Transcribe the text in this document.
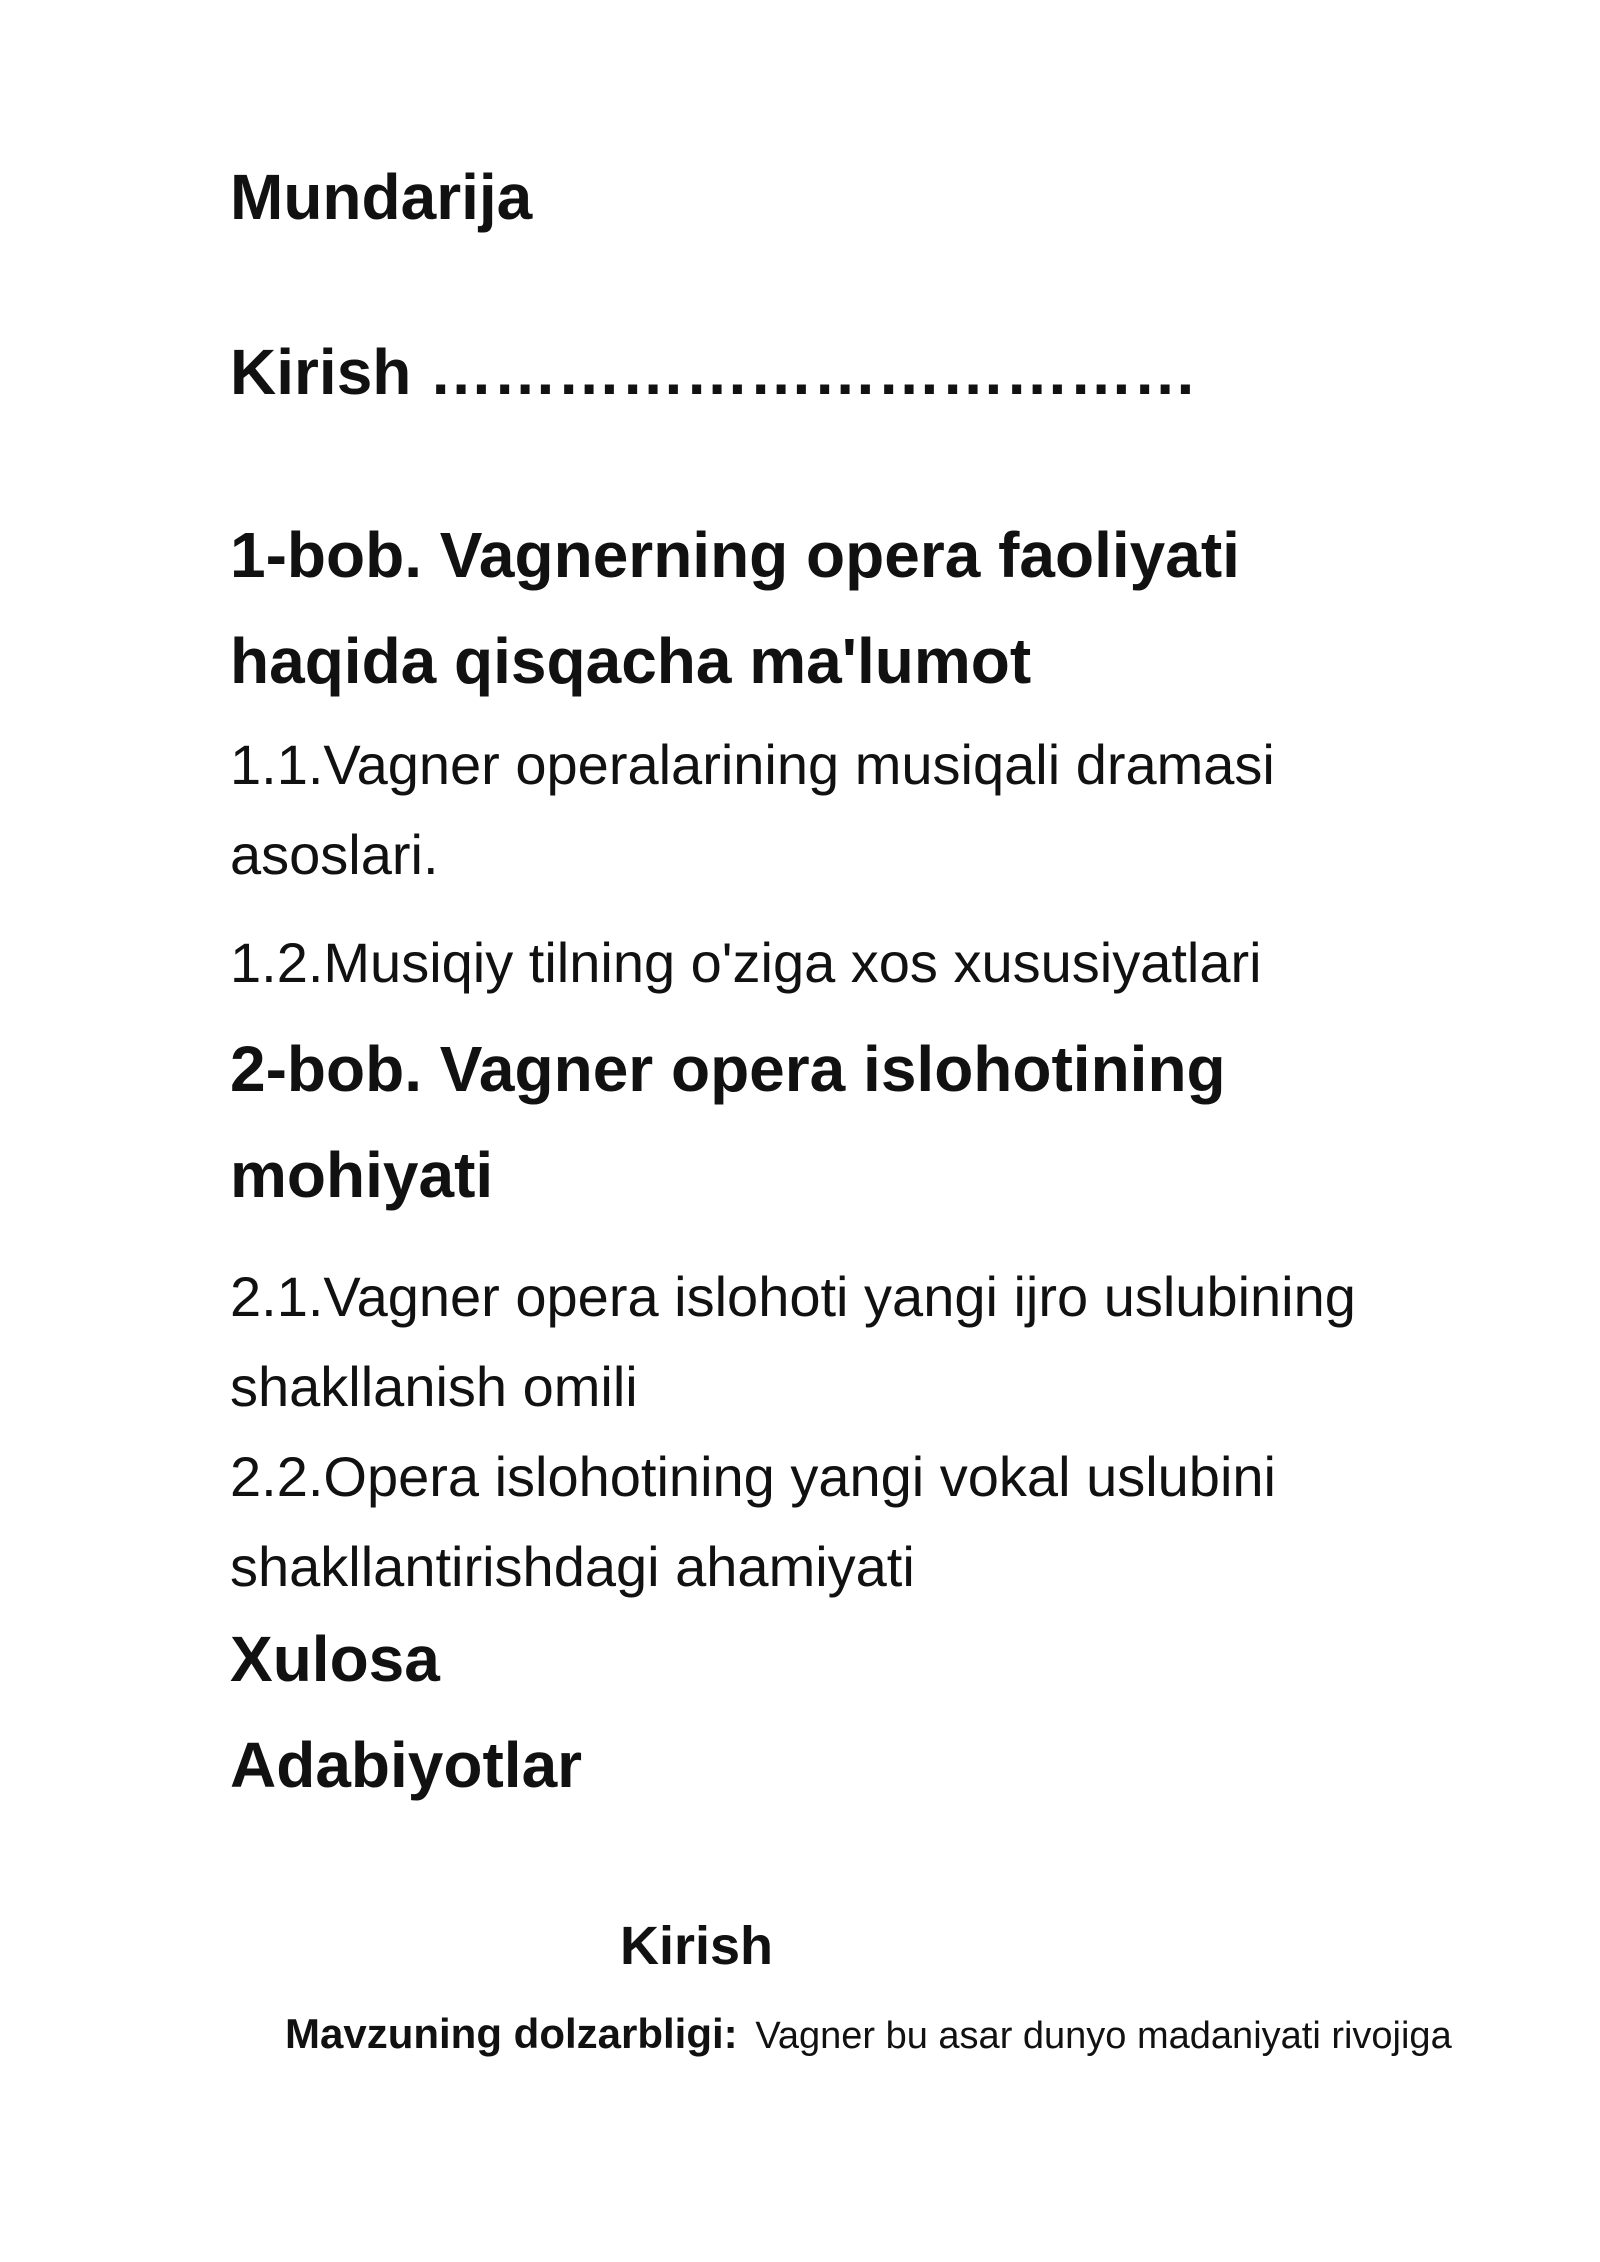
Mundarija
Kirish ………………………………
1-bob. Vagnerning opera faoliyati
haqida qisqacha ma'lumot
1.1.Vagner operalarining musiqali dramasi
asoslari.
1.2.Musiqiy tilning o'ziga xos xususiyatlari
2-bob. Vagner opera islohotining
mohiyati
2.1.Vagner opera islohoti yangi ijro uslubining
shakllanish omili
2.2.Opera islohotining yangi vokal uslubini
shakllantirishdagi ahamiyati
Xulosa
Adabiyotlar
Kirish

Mavzuning dolzarbligi: Vagner bu asar dunyo madaniyati rivojiga
